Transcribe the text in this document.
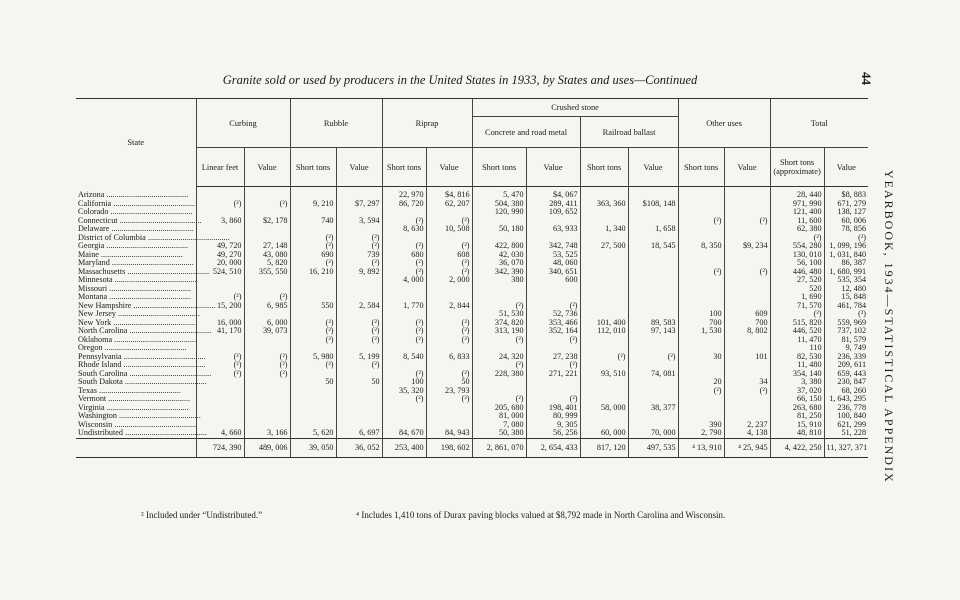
Granite sold or used by producers in the United States in 1933, by States and uses—Continued	44
YEARBOOK, 1934—STATISTICAL APPENDIX
State	Curbing		Rubble		Riprap		Crushed stone				Other uses		Total	
							Concrete and road metal		Railroad ballast					
	Linear feet	Value	Short tons	Value	Short tons	Value	Short tons	Value	Short tons	Value	Short tons	Value	Short tons (approximate)	Value
Arizona ........................................					22, 970	$4, 816	5, 470	$4, 067					28, 440	$8, 883
California ........................................	(²)	(²)	9, 210	$7, 297	86, 720	62, 207	504, 380	289, 411	363, 360	$108, 148			971, 990	671, 279
Colorado ........................................							120, 990	109, 652					121, 400	138, 127
Connecticut ........................................	3, 860	$2, 178	740	3, 594	(²)	(²)					(²)	(²)	11, 600	60, 006
Delaware ........................................					8, 630	10, 508	50, 180	63, 933	1, 340	1, 658			62, 380	78, 856
District of Columbia ........................................			(²)	(²)									(²)	(²)
Georgia ........................................	49, 720	27, 148	(²)	(²)	(²)	(²)	422, 800	342, 748	27, 500	18, 545	8, 350	$9, 234	554, 280	1, 099, 196
Maine ........................................	49, 270	43, 080	690	739	680	608	42, 030	53, 525					130, 010	1, 031, 840
Maryland ........................................	20, 000	5, 820	(²)	(²)	(²)	(²)	36, 070	48, 060					56, 100	86, 387
Massachusetts ........................................	524, 510	355, 550	16, 210	9, 892	(²)	(²)	342, 390	340, 651			(²)	(²)	446, 480	1, 680, 991
Minnesota ........................................					4, 000	2, 000	380	600					27, 520	535, 354
Missouri ........................................													520	12, 480
Montana ........................................	(²)	(²)											1, 690	15, 848
New Hampshire ........................................	15, 200	6, 985	550	2, 584	1, 770	2, 844	(²)	(²)					71, 570	461, 784
New Jersey ........................................							51, 530	52, 736			100	609	(²)	(²)
New York ........................................	16, 000	6, 000	(²)	(²)	(²)	(²)	374, 820	353, 466	101, 400	89, 583	700	700	515, 820	559, 969
North Carolina ........................................	41, 170	39, 073	(²)	(²)	(²)	(²)	313, 190	352, 164	112, 010	97, 143	1, 530	8, 802	446, 520	737, 102
Oklahoma ........................................			(²)	(²)	(²)	(²)	(²)	(²)					11, 470	81, 579
Oregon ........................................													110	9, 749
Pennsylvania ........................................	(²)	(²)	5, 980	5, 199	8, 540	6, 833	24, 320	27, 238	(²)	(²)	30	101	82, 530	236, 339
Rhode Island ........................................	(²)	(²)	(²)	(²)			(²)	(²)					11, 480	209, 611
South Carolina ........................................	(²)	(²)			(²)	(²)	228, 380	271, 221	93, 510	74, 081			354, 140	659, 443
South Dakota ........................................			50	50	100	50					20	34	3, 380	230, 847
Texas ........................................					35, 320	23, 793					(²)	(²)	37, 020	68, 260
Vermont ........................................					(²)	(²)	(²)	(²)					66, 150	1, 643, 295
Virginia ........................................							205, 680	198, 401	58, 000	38, 377			263, 680	236, 778
Washington ........................................							81, 000	80, 999					81, 250	100, 840
Wisconsin ........................................							7, 080	9, 305			390	2, 237	15, 910	621, 299
Undistributed ........................................	4, 660	3, 166	5, 620	6, 697	84, 670	84, 943	50, 380	56, 256	60, 000	70, 000	2, 790	4, 138	48, 810	51, 228
	724, 390	489, 006	39, 050	36, 052	253, 400	198, 602	2, 861, 070	2, 654, 433	817, 120	497, 535	⁴ 13, 910	⁴ 25, 945	4, 422, 250	11, 327, 371
² Included under “Undistributed.”	⁴ Includes 1,410 tons of Durax paving blocks valued at $8,792 made in North Carolina and Wisconsin.
